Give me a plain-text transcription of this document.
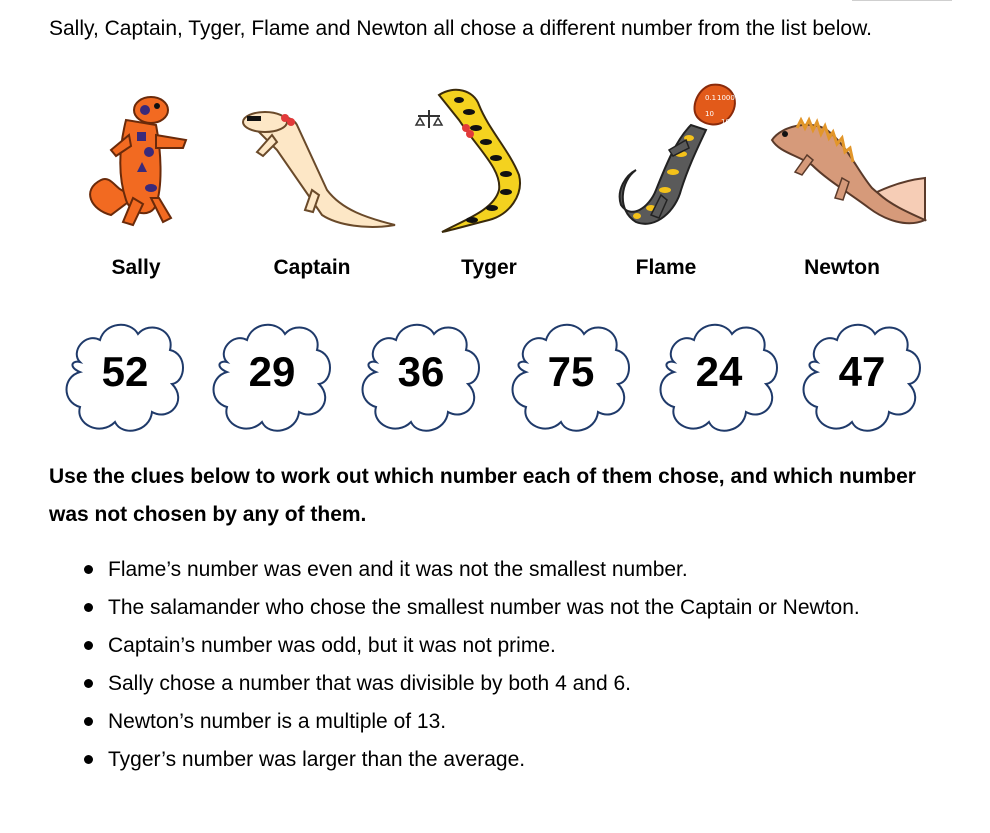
Sally, Captain, Tyger, Flame and Newton all chose a different number from the list below.
Sally	Captain	Tyger
0.1 1000
10
100
Flame	Newton
52	29	36	75	24	47
Use the clues below to work out which number each of them chose, and which number was not chosen by any of them.
Flame’s number was even and it was not the smallest number.
The salamander who chose the smallest number was not the Captain or Newton.
Captain’s number was odd, but it was not prime.
Sally chose a number that was divisible by both 4 and 6.
Newton’s number is a multiple of 13.
Tyger’s number was larger than the average.
